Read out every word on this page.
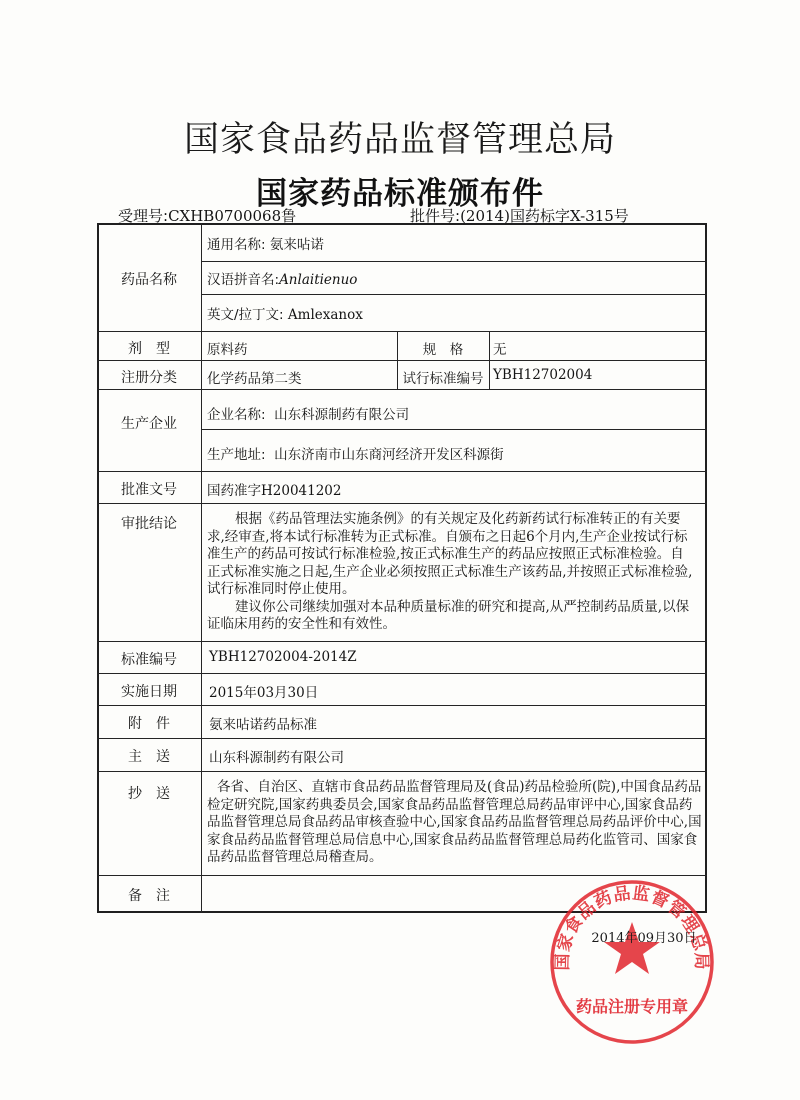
国家食品药品监督管理总局
国家药品标准颁布件
受理号:CXHB0700068鲁	批件号:(2014)国药标字X-315号
药品名称
通用名称: 氨来呫诺
汉语拼音名:Anlaitienuo
英文/拉丁文: Amlexanox
剂　型	原料药	规　格	无
注册分类	化学药品第二类	试行标准编号 YBH12702004
生产企业
企业名称: 山东科源制药有限公司
生产地址: 山东济南市山东商河经济开发区科源街
批准文号	国药准字H20041202
审批结论	根据《药品管理法实施条例》的有关规定及化药新药试行标准转正的有关要求,经审查,将本试行标准转为正式标准。自颁布之日起6个月内,生产企业按试行标准生产的药品可按试行标准检验,按正式标准生产的药品应按照正式标准检验。自正式标准实施之日起,生产企业必须按照正式标准生产该药品,并按照正式标准检验,试行标准同时停止使用。

建议你公司继续加强对本品种质量标准的研究和提高,从严控制药品质量,以保证临床用药的安全性和有效性。

标准编号	YBH12702004-2014Z
实施日期	2015年03月30日
附　件	氨来呫诺药品标准
主　送	山东科源制药有限公司
抄　送	各省、自治区、直辖市食品药品监督管理局及(食品)药品检验所(院),中国食品药品检定研究院,国家药典委员会,国家食品药品监督管理总局药品审评中心,国家食品药品监督管理总局食品药品审核查验中心,国家食品药品监督管理总局药品评价中心,国家食品药品监督管理总局信息中心,国家食品药品监督管理总局药化监管司、国家食品药品监督管理总局稽查局。
备　注
国家食品药品监督管理总局
药品注册专用章
2014年09月30日
